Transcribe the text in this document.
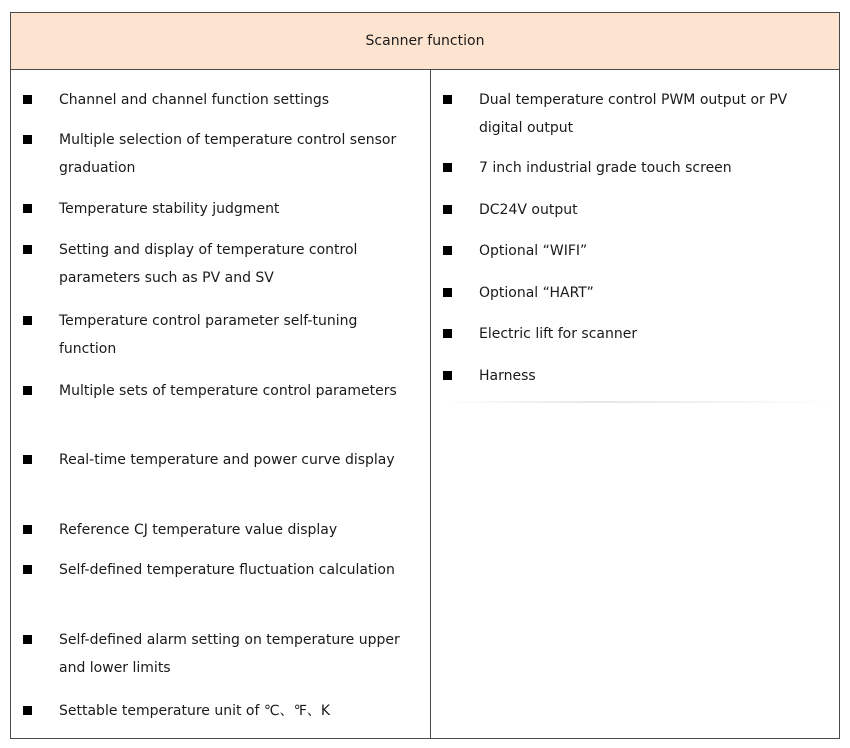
Scanner function
Channel and channel function settings
Multiple selection of temperature control sensor graduation
Temperature stability judgment
Setting and display of temperature control parameters such as PV and SV
Temperature control parameter self-tuning function
Multiple sets of temperature control parameters
Real-time temperature and power curve display
Reference CJ temperature value display
Self-defined temperature fluctuation calculation
Self-defined alarm setting on temperature upper and lower limits
Settable temperature unit of ℃、℉、K
Dual temperature control PWM output or PV digital output
7 inch industrial grade touch screen
DC24V output
Optional “WIFI”
Optional “HART”
Electric lift for scanner
Harness
